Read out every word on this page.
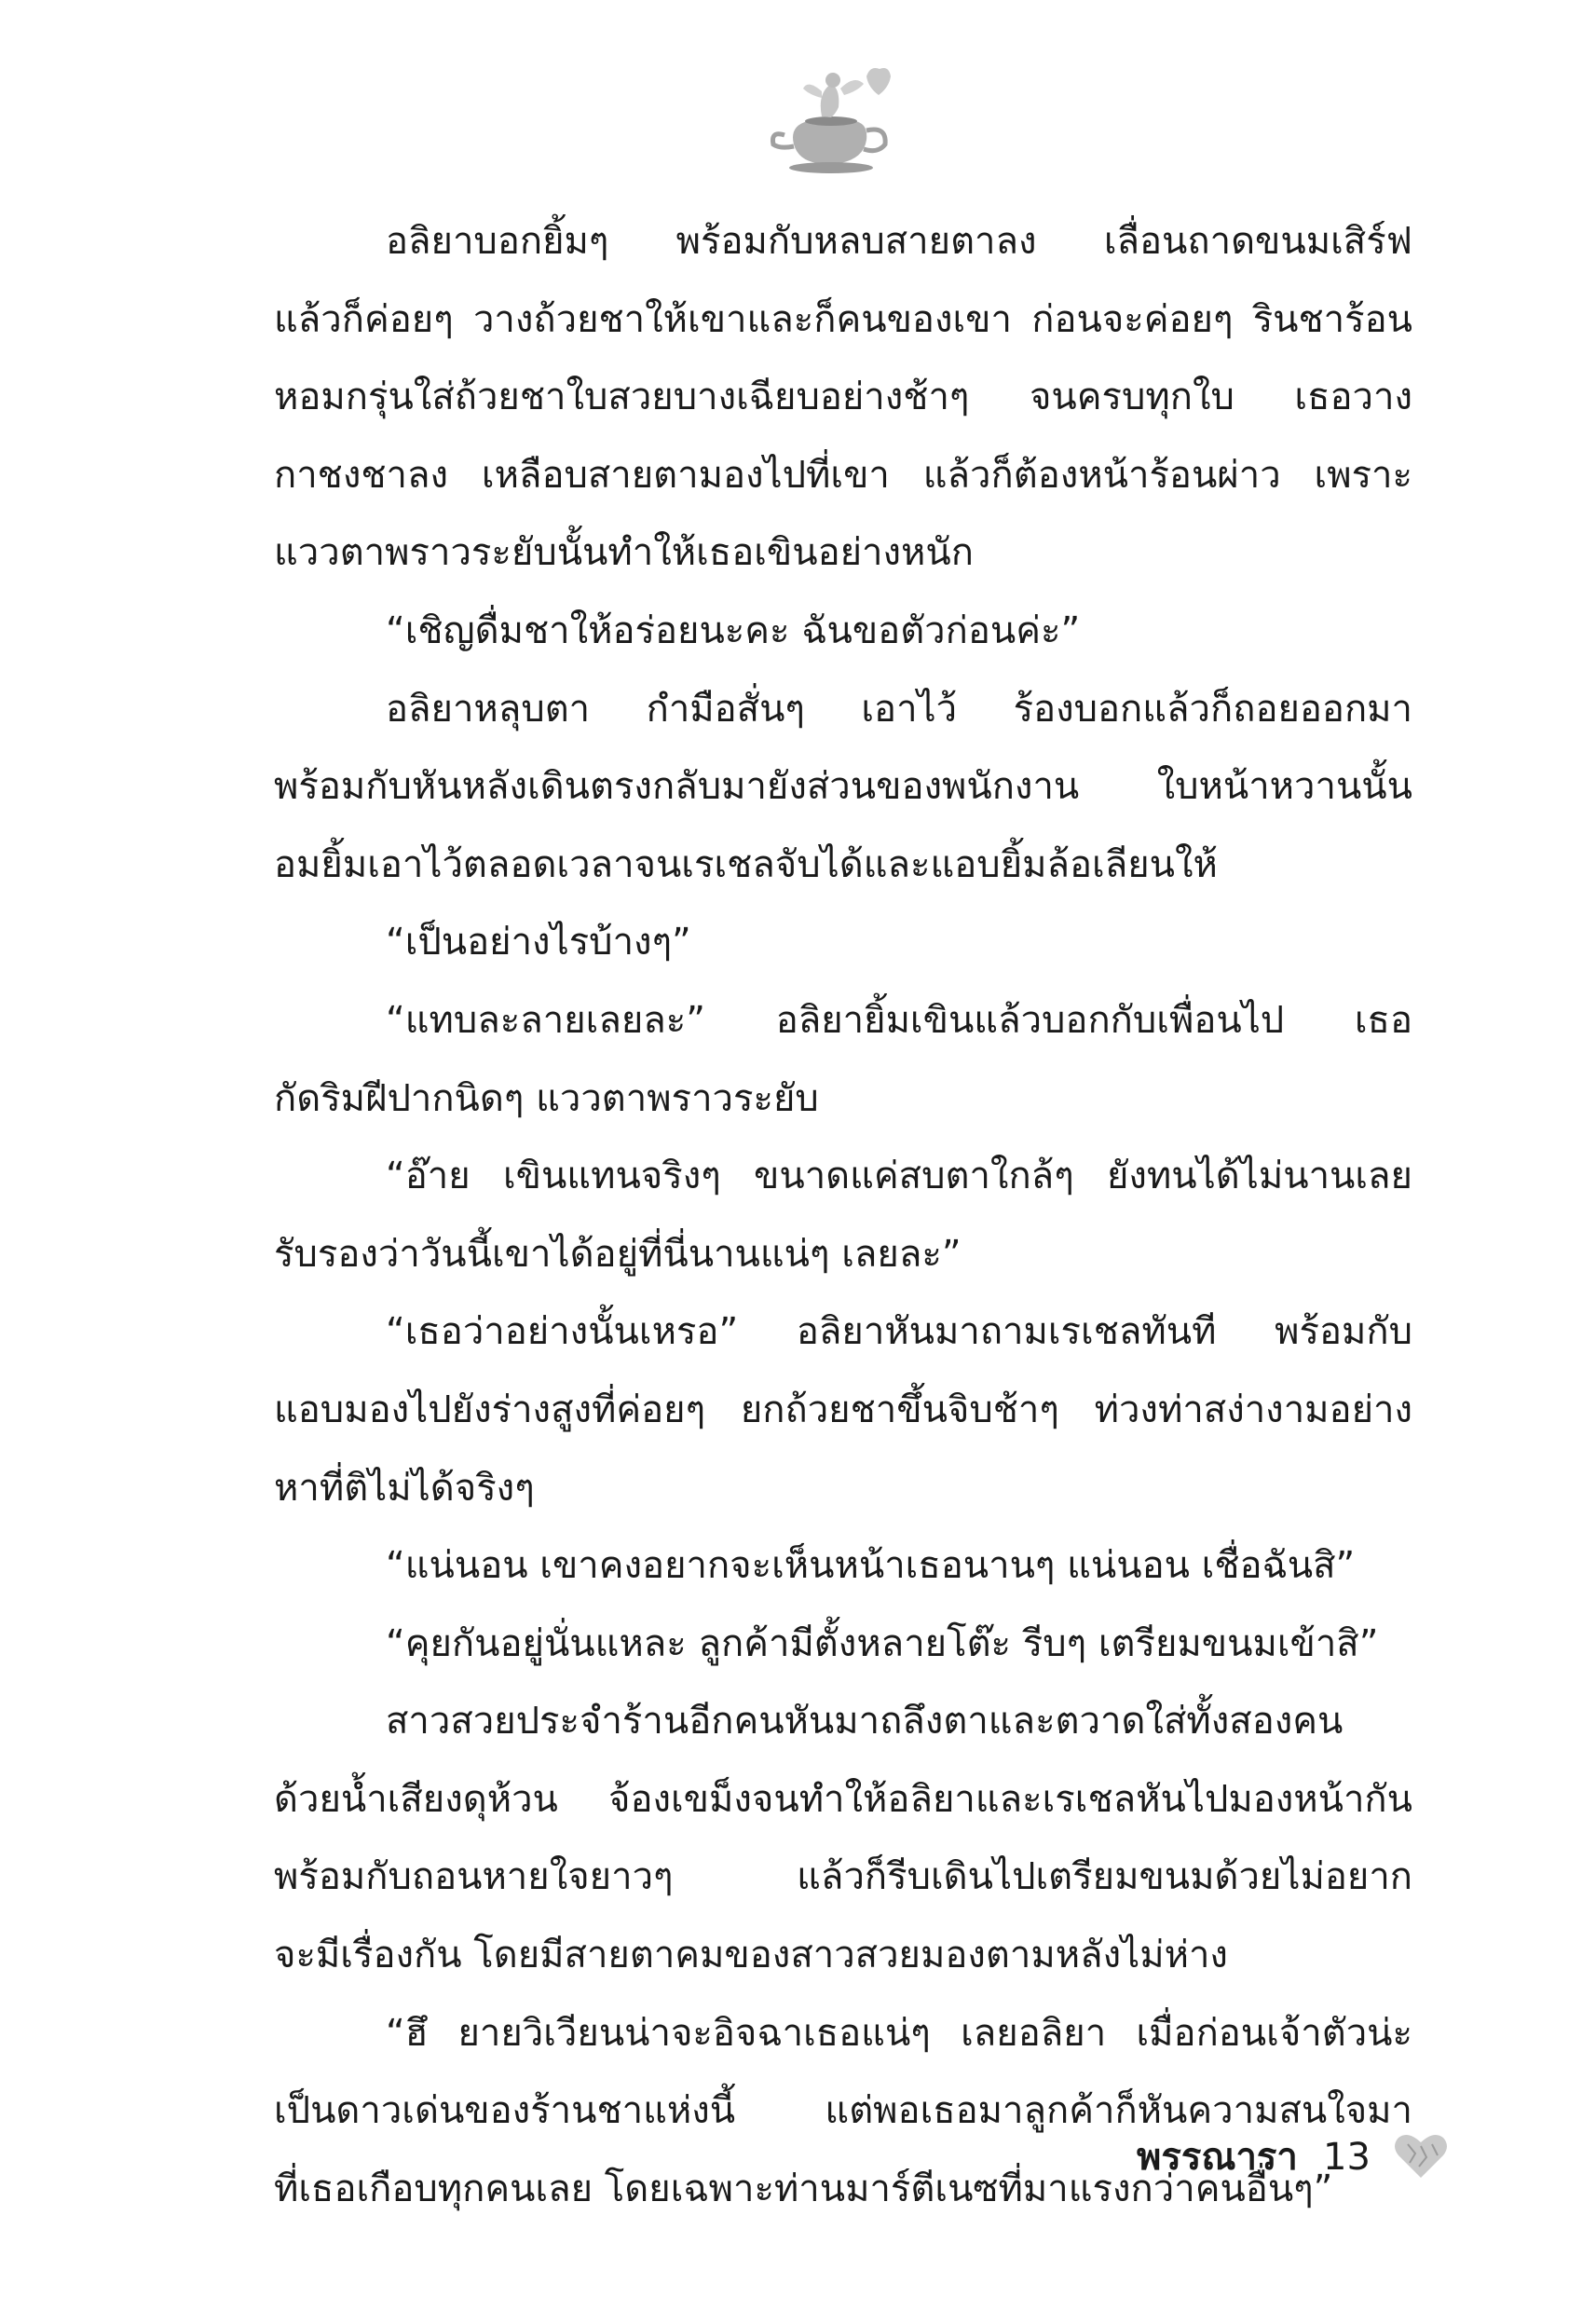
อลิยาบอกยิ้มๆ พร้อมกับหลบสายตาลง เลื่อนถาดขนมเสิร์ฟ
แล้วก็ค่อยๆ วางถ้วยชาให้เขาและก็คนของเขา ก่อนจะค่อยๆ รินชาร้อน
หอมกรุ่นใส่ถ้วยชาใบสวยบางเฉียบอย่างช้าๆ จนครบทุกใบ เธอวาง
กาชงชาลง เหลือบสายตามองไปที่เขา แล้วก็ต้องหน้าร้อนผ่าว เพราะ
แววตาพราวระยับนั้นทำให้เธอเขินอย่างหนัก
“เชิญดื่มชาให้อร่อยนะคะ ฉันขอตัวก่อนค่ะ”
อลิยาหลุบตา กำมือสั่นๆ เอาไว้ ร้องบอกแล้วก็ถอยออกมา
พร้อมกับหันหลังเดินตรงกลับมายังส่วนของพนักงาน ใบหน้าหวานนั้น
อมยิ้มเอาไว้ตลอดเวลาจนเรเชลจับได้และแอบยิ้มล้อเลียนให้
“เป็นอย่างไรบ้างๆ”
“แทบละลายเลยละ” อลิยายิ้มเขินแล้วบอกกับเพื่อนไป เธอ
กัดริมฝีปากนิดๆ แววตาพราวระยับ
“อ๊าย เขินแทนจริงๆ ขนาดแค่สบตาใกล้ๆ ยังทนได้ไม่นานเลย
รับรองว่าวันนี้เขาได้อยู่ที่นี่นานแน่ๆ เลยละ”
“เธอว่าอย่างนั้นเหรอ” อลิยาหันมาถามเรเชลทันที พร้อมกับ
แอบมองไปยังร่างสูงที่ค่อยๆ ยกถ้วยชาขึ้นจิบช้าๆ ท่วงท่าสง่างามอย่าง
หาที่ติไม่ได้จริงๆ
“แน่นอน เขาคงอยากจะเห็นหน้าเธอนานๆ แน่นอน เชื่อฉันสิ”
“คุยกันอยู่นั่นแหละ ลูกค้ามีตั้งหลายโต๊ะ รีบๆ เตรียมขนมเข้าสิ”
สาวสวยประจำร้านอีกคนหันมาถลึงตาและตวาดใส่ทั้งสองคน
ด้วยน้ำเสียงดุห้วน จ้องเขม็งจนทำให้อลิยาและเรเชลหันไปมองหน้ากัน
พร้อมกับถอนหายใจยาวๆ แล้วก็รีบเดินไปเตรียมขนมด้วยไม่อยาก
จะมีเรื่องกัน โดยมีสายตาคมของสาวสวยมองตามหลังไม่ห่าง
“ฮึ ยายวิเวียนน่าจะอิจฉาเธอแน่ๆ เลยอลิยา เมื่อก่อนเจ้าตัวน่ะ
เป็นดาวเด่นของร้านชาแห่งนี้ แต่พอเธอมาลูกค้าก็หันความสนใจมา
ที่เธอเกือบทุกคนเลย โดยเฉพาะท่านมาร์ตีเนซที่มาแรงกว่าคนอื่นๆ”
พรรณารา 13
